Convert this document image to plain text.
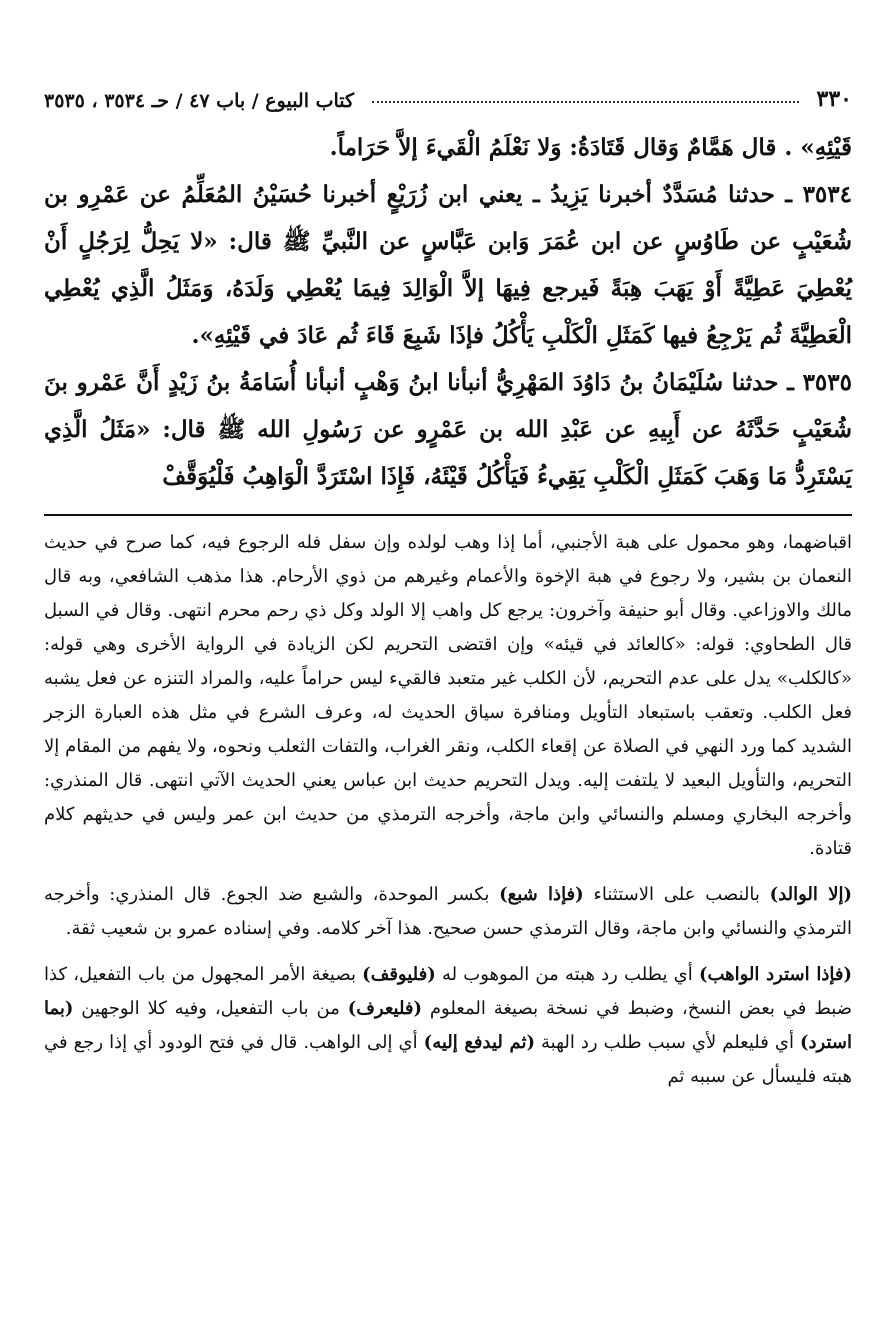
٣٣٠
كتاب البيوع / باب ٤٧ / حـ ٣٥٣٤ ، ٣٥٣٥

قَيْئِهِ» . قال هَمَّامٌ وَقال قَتَادَةُ: وَلا نَعْلَمُ الْقَيءَ إلاَّ حَرَاماً.

٣٥٣٤ ـ حدثنا مُسَدَّدٌ أخبرنا يَزِيدُ ـ يعني ابن زُرَيْعٍ أخبرنا حُسَيْنُ المُعَلِّمُ عن عَمْرِو بن شُعَيْبٍ عن طَاوُسٍ عن ابن عُمَرَ وَابن عَبَّاسٍ عن النَّبيِّ ﷺ قال: «لا يَحِلُّ لِرَجُلٍ أَنْ يُعْطِيَ عَطِيَّةً أَوْ يَهَبَ هِبَةً فَيرجع فِيهَا إلاَّ الْوَالِدَ فِيمَا يُعْطِي وَلَدَهُ، وَمَثَلُ الَّذِي يُعْطِي الْعَطِيَّةَ ثُم يَرْجِعُ فيها كَمَثَلِ الْكَلْبِ يَأْكُلُ فإذَا شَبِعَ قَاءَ ثُم عَادَ في قَيْئِهِ».

٣٥٣٥ ـ حدثنا سُلَيْمَانُ بنُ دَاوُدَ المَهْرِيُّ أنبأنا ابنُ وَهْبٍ أنبأنا أُسَامَةُ بنُ زَيْدٍ أَنَّ عَمْرو بنَ شُعَيْبٍ حَدَّثَهُ عن أَبِيهِ عن عَبْدِ الله بن عَمْرٍو عن رَسُولِ الله ﷺ قال: «مَثَلُ الَّذِي يَسْتَرِدُّ مَا وَهَبَ كَمَثَلِ الْكَلْبِ يَقِيءُ فَيَأْكُلُ قَيْئَهُ، فَإِذَا اسْتَرَدَّ الْوَاهِبُ فَلْيُوَقَّفْ

اقباضهما، وهو محمول على هبة الأجنبي، أما إذا وهب لولده وإن سفل فله الرجوع فيه، كما صرح في حديث النعمان بن بشير، ولا رجوع في هبة الإخوة والأعمام وغيرهم من ذوي الأرحام. هذا مذهب الشافعي، وبه قال مالك والاوزاعي. وقال أبو حنيفة وآخرون: يرجع كل واهب إلا الولد وكل ذي رحم محرم انتهى. وقال في السبل قال الطحاوي: قوله: «كالعائد في قيئه» وإن اقتضى التحريم لكن الزيادة في الرواية الأخرى وهي قوله: «كالكلب» يدل على عدم التحريم، لأن الكلب غير متعبد فالقيء ليس حراماً عليه، والمراد التنزه عن فعل يشبه فعل الكلب. وتعقب باستبعاد التأويل ومنافرة سياق الحديث له، وعرف الشرع في مثل هذه العبارة الزجر الشديد كما ورد النهي في الصلاة عن إقعاء الكلب، ونقر الغراب، والتفات الثعلب ونحوه، ولا يفهم من المقام إلا التحريم، والتأويل البعيد لا يلتفت إليه. ويدل التحريم حديث ابن عباس يعني الحديث الآتي انتهى. قال المنذري: وأخرجه البخاري ومسلم والنسائي وابن ماجة، وأخرجه الترمذي من حديث ابن عمر وليس في حديثهم كلام قتادة.

(إلا الوالد) بالنصب على الاستثناء (فإذا شبع) بكسر الموحدة، والشبع ضد الجوع. قال المنذري: وأخرجه الترمذي والنسائي وابن ماجة، وقال الترمذي حسن صحيح. هذا آخر كلامه. وفي إسناده عمرو بن شعيب ثقة.

(فإذا استرد الواهب) أي يطلب رد هبته من الموهوب له (فليوقف) بصيغة الأمر المجهول من باب التفعيل، كذا ضبط في بعض النسخ، وضبط في نسخة بصيغة المعلوم (فليعرف) من باب التفعيل، وفيه كلا الوجهين (بما استرد) أي فليعلم لأي سبب طلب رد الهبة (ثم ليدفع إليه) أي إلى الواهب. قال في فتح الودود أي إذا رجع في هبته فليسأل عن سببه ثم
